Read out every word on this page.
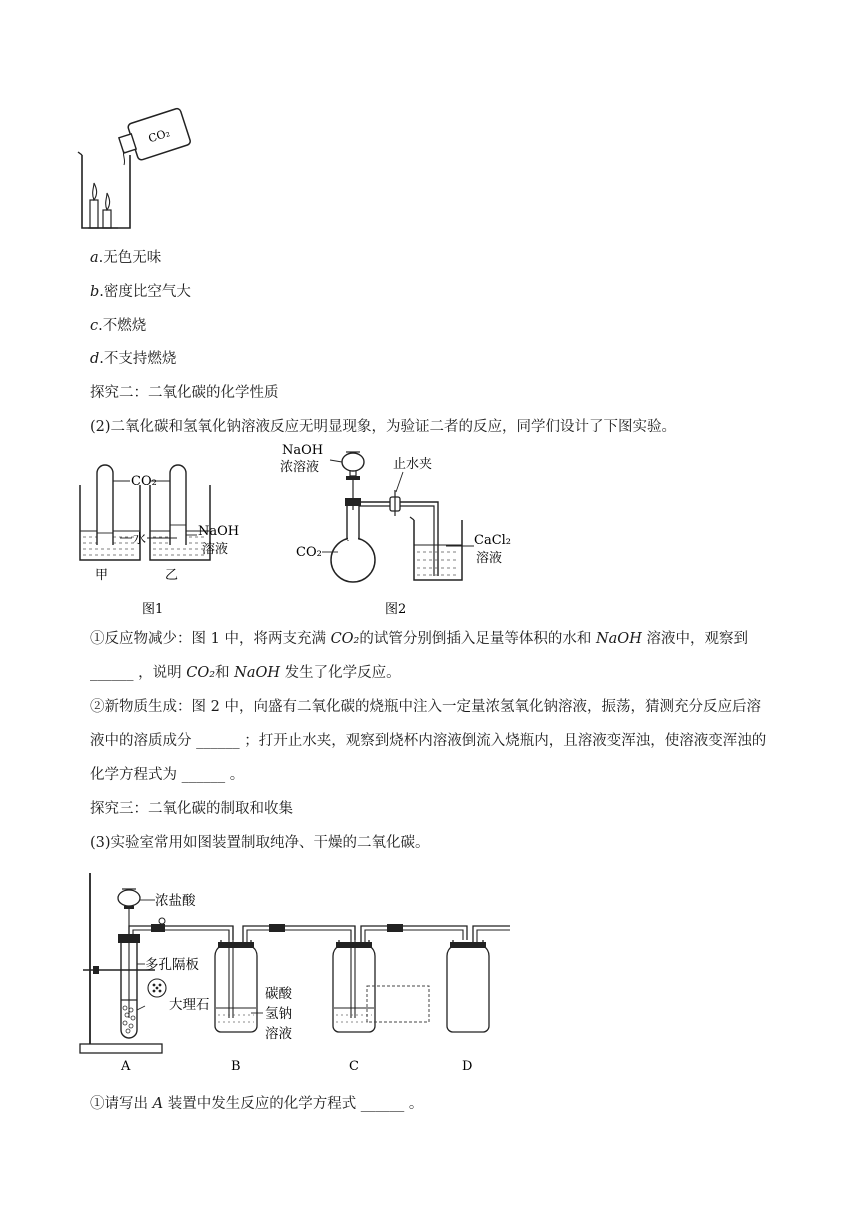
CO₂
a.无色无味
b.密度比空气大
c.不燃烧
d.不支持燃烧
探究二：二氧化碳的化学性质
(2)二氧化碳和氢氧化钠溶液反应无明显现象，为验证二者的反应，同学们设计了下图实验。
CO₂
水
NaOH
溶液
甲	乙
图1
NaOH
浓溶液	止水夹
CaCl₂
溶液
CO₂
图2
①反应物减少：图 1 中，将两支充满 CO₂的试管分别倒插入足量等体积的水和 NaOH 溶液中，观察到
______ ，说明 CO₂和 NaOH 发生了化学反应。
②新物质生成：图 2 中，向盛有二氧化碳的烧瓶中注入一定量浓氢氧化钠溶液，振荡，猜测充分反应后溶
液中的溶质成分 ______ ；打开止水夹，观察到烧杯内溶液倒流入烧瓶内，且溶液变浑浊，使溶液变浑浊的
化学方程式为 ______ 。
探究三：二氧化碳的制取和收集
(3)实验室常用如图装置制取纯净、干燥的二氧化碳。
浓盐酸
多孔隔板
大理石
碳酸
氢钠
溶液
A	B	C	D
①请写出 A 装置中发生反应的化学方程式 ______ 。
